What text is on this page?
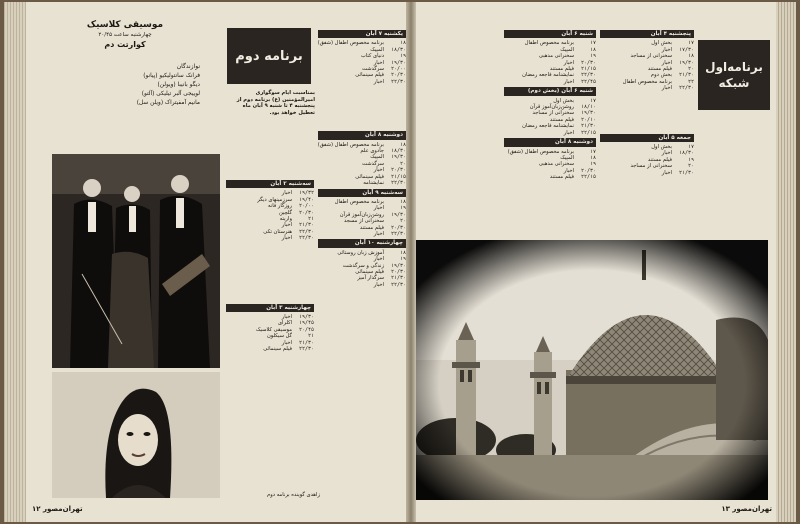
موسیقی کلاسیک
چهارشنبه ساعت ۲۰/۴۵
کوارتت دم
نوازندگان
فرانک سانتولیکیو (پیانو)
دیگو بانیبا (ویولن)
لوییجی آلبر تیلیکی (آلتو)
مانیم آمفیتراک (ویلن سل)
برنامه دوم
بمناسبت ایام سوگواری امیرالمؤمنین (ع) برنامه دوم از پنجشنبه ۴ تا شنبه ۹ آبان ماه تعطیل خواهد بود.
زاهدی گوینده برنامه دوم
سه‌شنبه ۲ آبان
۱۹/۳۲
اخبار
۱۹/۴۰
سرزمینهای دیگر
۲۰/۰۰
روزگار فانه
۲۰/۳۰
گلچین
۲۱
واریته
۲۱/۳۰
اخبار
۲۲/۳۰
هنرستان تکی
۲۲/۳۰
اخبار
چهارشنبه ۳ آبان
۱۹/۳۰
اخبار
۱۹/۴۵
اکلرای
۲۰/۴۵
موسیقی کلاسیک
۲۱
گل سیکلون
۲۱/۳۰
اخبار
۲۲/۳۰
فیلم سینمائی
یکشنبه ۷ آبان
۱۸
برنامه مخصوص اطفال (شفق)
۱۸/۳۰
المپیک
۱۹
دنیای کتاب
۱۹/۳۰
اخبار
۲۰/۰۰
سرگذشت
۲۰/۳۰
فیلم سینمائی
۲۲/۳۰
اخبار
دوشنبه ۸ آبان
۱۸
برنامه مخصوص اطفال (شفق)
۱۸/۳۰
جادوی علم
۱۹/۳۰
المپیک
۲۰
سرگذشت
۲۰/۳۰
اخبار
۲۱/۱۵
فیلم سینمائی
۲۲/۳۰
نمایشنامه
سه‌شنبه ۹ آبان
۱۸
برنامه مخصوص اطفال
۱۹
اخبار
۱۹/۳۰
روشن‌زبان‌آموز قرآن
۲۰
سخنرانی از مسجد
۲۰/۳۰
فیلم مستند
۲۲/۳۰
اخبار
چهارشنبه ۱۰ آبان
۱۸
آموزش زبان روستائی
۱۹
اخبار
۱۹/۳۰
زندگی و سرگذشت
۲۰/۳۰
فیلم سینمائی
۲۱/۳۰
سرگذار آمیز
۲۲/۳۰
اخبار
۱۲ تهران‌مصور
برنامه‌اول شبکه
پنجشنبه ۴ آبان
۱۷
بخش اول
۱۷/۳۰
اخبار
۱۸
سخنرانی از مساجد
۱۹/۳۰
اخبار
۲۰
فیلم مستند
۲۱/۳۰
بخش دوم
۲۲
برنامه مخصوص اطفال
۲۲/۳۰
اخبار
جمعه ۵ آبان
۱۷
بخش اول
۱۸/۳۰
اخبار
۱۹
فیلم مستند
۲۰
سخنرانی از مساجد
۲۱/۳۰
اخبار
شنبه ۶ آبان
۱۷
برنامه مخصوص اطفال
۱۸
المپیک
۱۹
سخنرانی مذهبی
۲۰/۳۰
اخبار
۲۱/۱۵
فیلم مستند
۲۲/۳۰
نمایشنامه فاجعه رمضان
۲۲/۴۵
اخبار
شنبه ۶ آبان (بخش دوم)
۱۷
بخش اول
۱۸/۱۰
روشن‌زبان‌آموز قرآن
۱۹/۳۰
سخنرانی از مساجد
۲۰/۱۰
فیلم مستند
۲۱/۳۰
نمایشنامه فاجعه رمضان
۲۲/۱۵
اخبار
دوشنبه ۸ آبان
۱۷
برنامه مخصوص اطفال (شفق)
۱۸
المپیک
۱۹
سخنرانی مذهبی
۲۰/۳۰
اخبار
۲۲/۱۵
فیلم مستند
۱۳ تهران‌مصور
